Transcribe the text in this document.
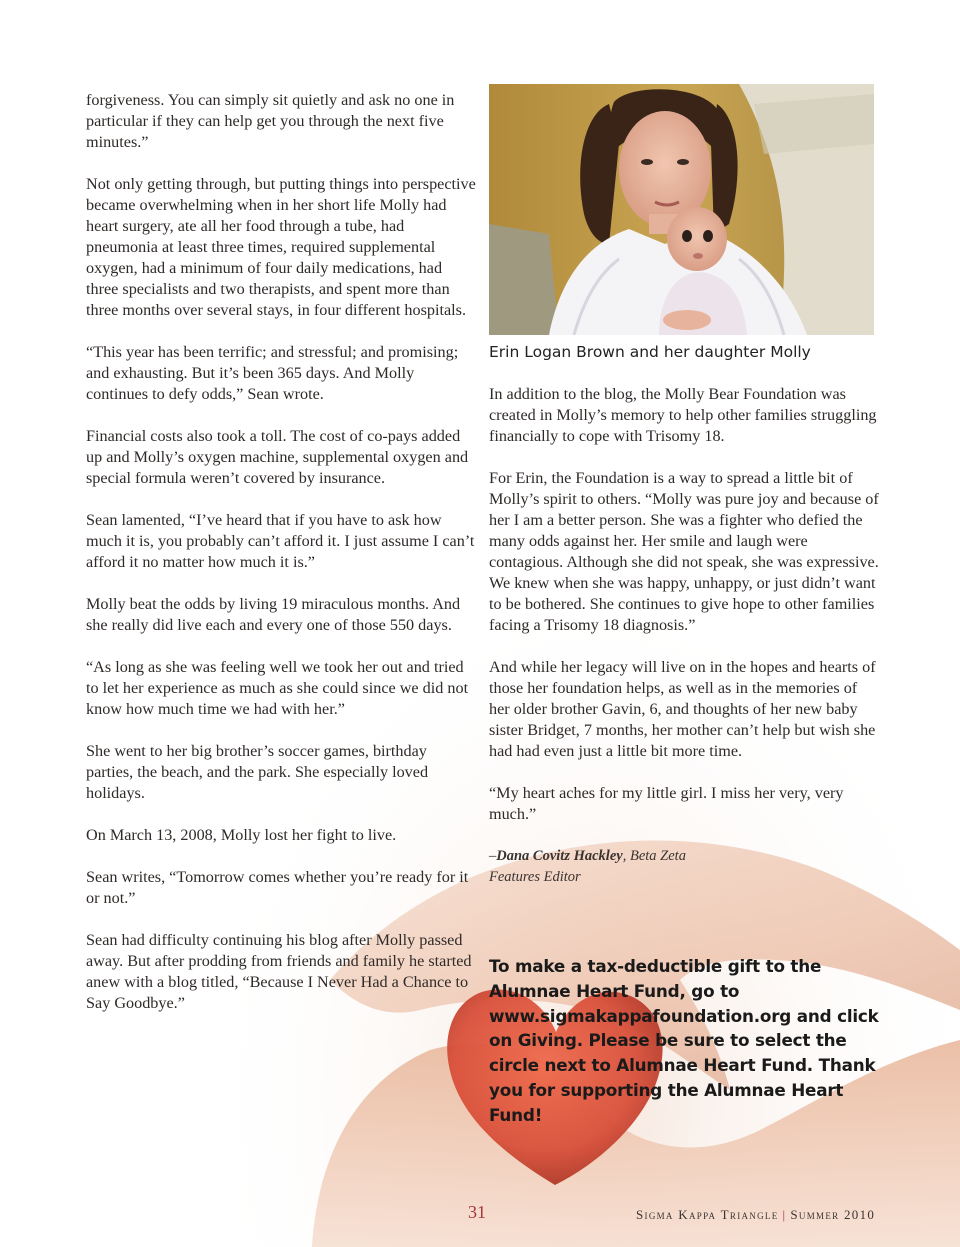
forgiveness. You can simply sit quietly and ask no one in particular if they can help get you through the next five minutes.”

Not only getting through, but putting things into perspective became overwhelming when in her short life Molly had heart surgery, ate all her food through a tube, had pneumonia at least three times, required supplemental oxygen, had a minimum of four daily medications, had three specialists and two therapists, and spent more than three months over several stays, in four different hospitals.

“This year has been terrific; and stressful; and promising; and exhausting. But it’s been 365 days. And Molly continues to defy odds,” Sean wrote.

Financial costs also took a toll. The cost of co-pays added up and Molly’s oxygen machine, supplemental oxygen and special formula weren’t covered by insurance.

Sean lamented, “I’ve heard that if you have to ask how much it is, you probably can’t afford it. I just assume I can’t afford it no matter how much it is.”

Molly beat the odds by living 19 miraculous months. And she really did live each and every one of those 550 days.

“As long as she was feeling well we took her out and tried to let her experience as much as she could since we did not know how much time we had with her.”

She went to her big brother’s soccer games, birthday parties, the beach, and the park. She especially loved holidays.

On March 13, 2008, Molly lost her fight to live.

Sean writes, “Tomorrow comes whether you’re ready for it or not.”

Sean had difficulty continuing his blog after Molly passed away. But after prodding from friends and family he started anew with a blog titled, “Because I Never Had a Chance to Say Goodbye.”

Erin Logan Brown and her daughter Molly

In addition to the blog, the Molly Bear Foundation was created in Molly’s memory to help other families struggling financially to cope with Trisomy 18.

For Erin, the Foundation is a way to spread a little bit of Molly’s spirit to others. “Molly was pure joy and because of her I am a better person. She was a fighter who defied the many odds against her. Her smile and laugh were contagious. Although she did not speak, she was expressive. We knew when she was happy, unhappy, or just didn’t want to be bothered. She continues to give hope to other families facing a Trisomy 18 diagnosis.”

And while her legacy will live on in the hopes and hearts of those her foundation helps, as well as in the memories of her older brother Gavin, 6, and thoughts of her new baby sister Bridget, 7 months, her mother can’t help but wish she had had even just a little bit more time.

“My heart aches for my little girl. I miss her very, very much.”

–Dana Covitz Hackley, Beta Zeta

Features Editor

To make a tax-deductible gift to the Alumnae Heart Fund, go to www.sigmakappafoundation.org and click on Giving. Please be sure to select the circle next to Alumnae Heart Fund. Thank you for supporting the Alumnae Heart Fund!
31	Sigma Kappa Triangle | Summer 2010
